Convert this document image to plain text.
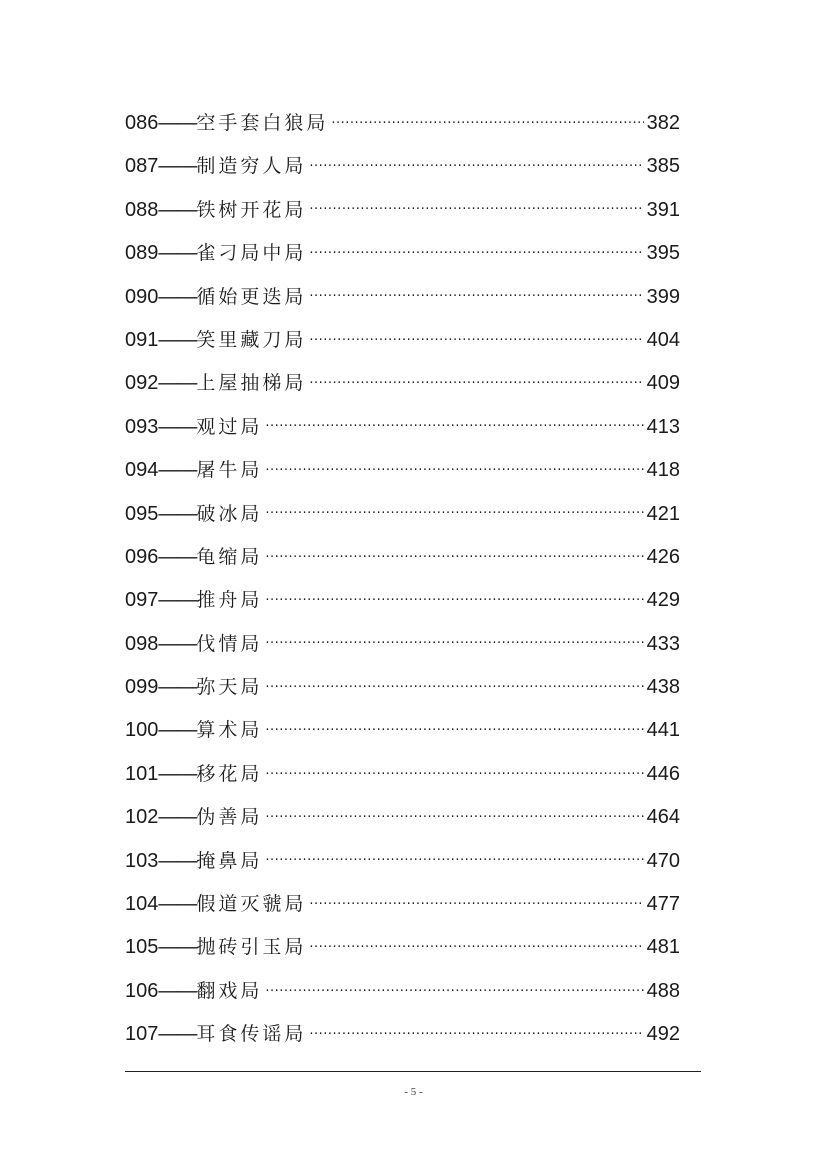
086 —— 空手套白狼局 ·····	382
087 —— 制造穷人局 ·····	385
088 —— 铁树开花局 ·····	391
089 —— 雀刁局中局 ·····	395
090 —— 循始更迭局 ·····	399
091 —— 笑里藏刀局 ·····	404
092 —— 上屋抽梯局 ·····	409
093 —— 观过局 ·····	413
094 —— 屠牛局 ·····	418
095 —— 破冰局 ·····	421
096 —— 龟缩局 ·····	426
097 —— 推舟局 ·····	429
098 —— 伐情局 ·····	433
099 —— 弥天局 ·····	438
100 —— 算术局 ·····	441
101 —— 移花局 ·····	446
102 —— 伪善局 ·····	464
103 —— 掩鼻局 ·····	470
104 —— 假道灭虢局 ·····	477
105 —— 抛砖引玉局 ·····	481
106 —— 翻戏局 ·····	488
107 —— 耳食传谣局 ·····	492
- 5 -
